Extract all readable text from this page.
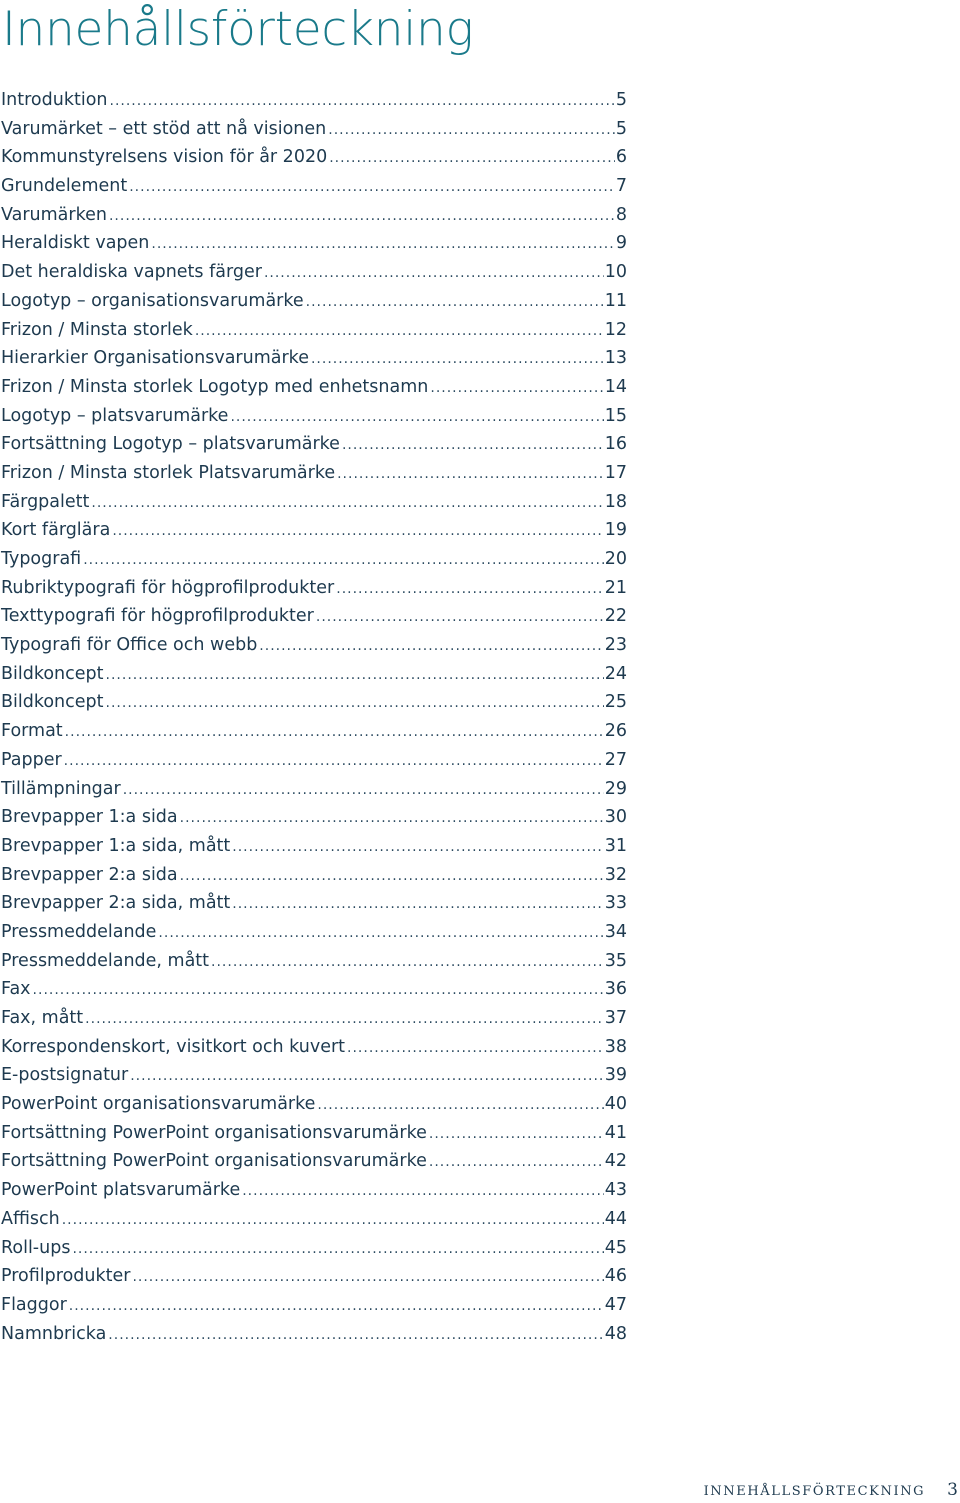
Innehållsförteckning
Introduktion .....	5
Varumärket – ett stöd att nå visionen .....	5
Kommunstyrelsens vision för år 2020 .....	6
Grundelement .....	7
Varumärken .....	8
Heraldiskt vapen .....	9
Det heraldiska vapnets färger .....	10
Logotyp – organisationsvarumärke .....	11
Frizon / Minsta storlek .....	12
Hierarkier Organisationsvarumärke .....	13
Frizon / Minsta storlek Logotyp med enhetsnamn .....	14
Logotyp – platsvarumärke .....	15
Fortsättning Logotyp – platsvarumärke .....	16
Frizon / Minsta storlek Platsvarumärke .....	17
Färgpalett .....	18
Kort färglära .....	19
Typografi .....	20
Rubriktypografi för högprofilprodukter .....	21
Texttypografi för högprofilprodukter .....	22
Typografi för Office och webb .....	23
Bildkoncept .....	24
Bildkoncept .....	25
Format .....	26
Papper .....	27
Tillämpningar .....	29
Brevpapper 1:a sida .....	30
Brevpapper 1:a sida, mått .....	31
Brevpapper 2:a sida .....	32
Brevpapper 2:a sida, mått .....	33
Pressmeddelande .....	34
Pressmeddelande, mått .....	35
Fax .....	36
Fax, mått .....	37
Korrespondenskort, visitkort och kuvert .....	38
E-postsignatur .....	39
PowerPoint organisationsvarumärke .....	40
Fortsättning PowerPoint organisationsvarumärke .....	41
Fortsättning PowerPoint organisationsvarumärke .....	42
PowerPoint platsvarumärke .....	43
Affisch .....	44
Roll-ups .....	45
Profilprodukter .....	46
Flaggor .....	47
Namnbricka .....	48
innehållsförteckning 3
